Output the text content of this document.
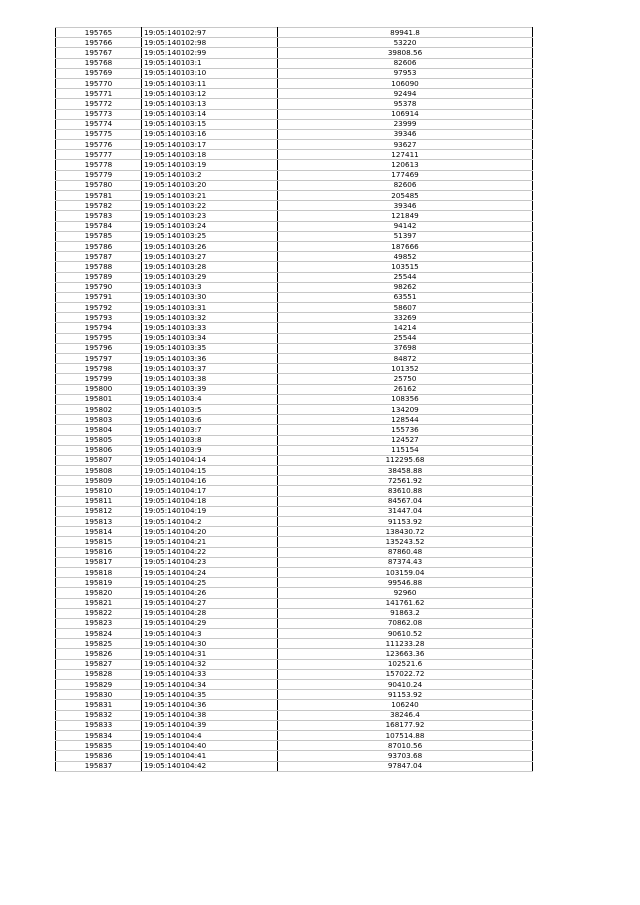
195765	19:05:140102:97	89941.8
195766	19:05:140102:98	53220
195767	19:05:140102:99	39808.56
195768	19:05:140103:1	82606
195769	19:05:140103:10	97953
195770	19:05:140103:11	106090
195771	19:05:140103:12	92494
195772	19:05:140103:13	95378
195773	19:05:140103:14	106914
195774	19:05:140103:15	23999
195775	19:05:140103:16	39346
195776	19:05:140103:17	93627
195777	19:05:140103:18	127411
195778	19:05:140103:19	120613
195779	19:05:140103:2	177469
195780	19:05:140103:20	82606
195781	19:05:140103:21	205485
195782	19:05:140103:22	39346
195783	19:05:140103:23	121849
195784	19:05:140103:24	94142
195785	19:05:140103:25	51397
195786	19:05:140103:26	187666
195787	19:05:140103:27	49852
195788	19:05:140103:28	103515
195789	19:05:140103:29	25544
195790	19:05:140103:3	98262
195791	19:05:140103:30	63551
195792	19:05:140103:31	58607
195793	19:05:140103:32	33269
195794	19:05:140103:33	14214
195795	19:05:140103:34	25544
195796	19:05:140103:35	37698
195797	19:05:140103:36	84872
195798	19:05:140103:37	101352
195799	19:05:140103:38	25750
195800	19:05:140103:39	26162
195801	19:05:140103:4	108356
195802	19:05:140103:5	134209
195803	19:05:140103:6	128544
195804	19:05:140103:7	155736
195805	19:05:140103:8	124527
195806	19:05:140103:9	115154
195807	19:05:140104:14	112295.68
195808	19:05:140104:15	38458.88
195809	19:05:140104:16	72561.92
195810	19:05:140104:17	83610.88
195811	19:05:140104:18	84567.04
195812	19:05:140104:19	31447.04
195813	19:05:140104:2	91153.92
195814	19:05:140104:20	138430.72
195815	19:05:140104:21	135243.52
195816	19:05:140104:22	87860.48
195817	19:05:140104:23	87374.43
195818	19:05:140104:24	103159.04
195819	19:05:140104:25	99546.88
195820	19:05:140104:26	92960
195821	19:05:140104:27	141761.62
195822	19:05:140104:28	91863.2
195823	19:05:140104:29	70862.08
195824	19:05:140104:3	90610.52
195825	19:05:140104:30	111233.28
195826	19:05:140104:31	123663.36
195827	19:05:140104:32	102521.6
195828	19:05:140104:33	157022.72
195829	19:05:140104:34	90410.24
195830	19:05:140104:35	91153.92
195831	19:05:140104:36	106240
195832	19:05:140104:38	38246.4
195833	19:05:140104:39	168177.92
195834	19:05:140104:4	107514.88
195835	19:05:140104:40	87010.56
195836	19:05:140104:41	93703.68
195837	19:05:140104:42	97847.04
